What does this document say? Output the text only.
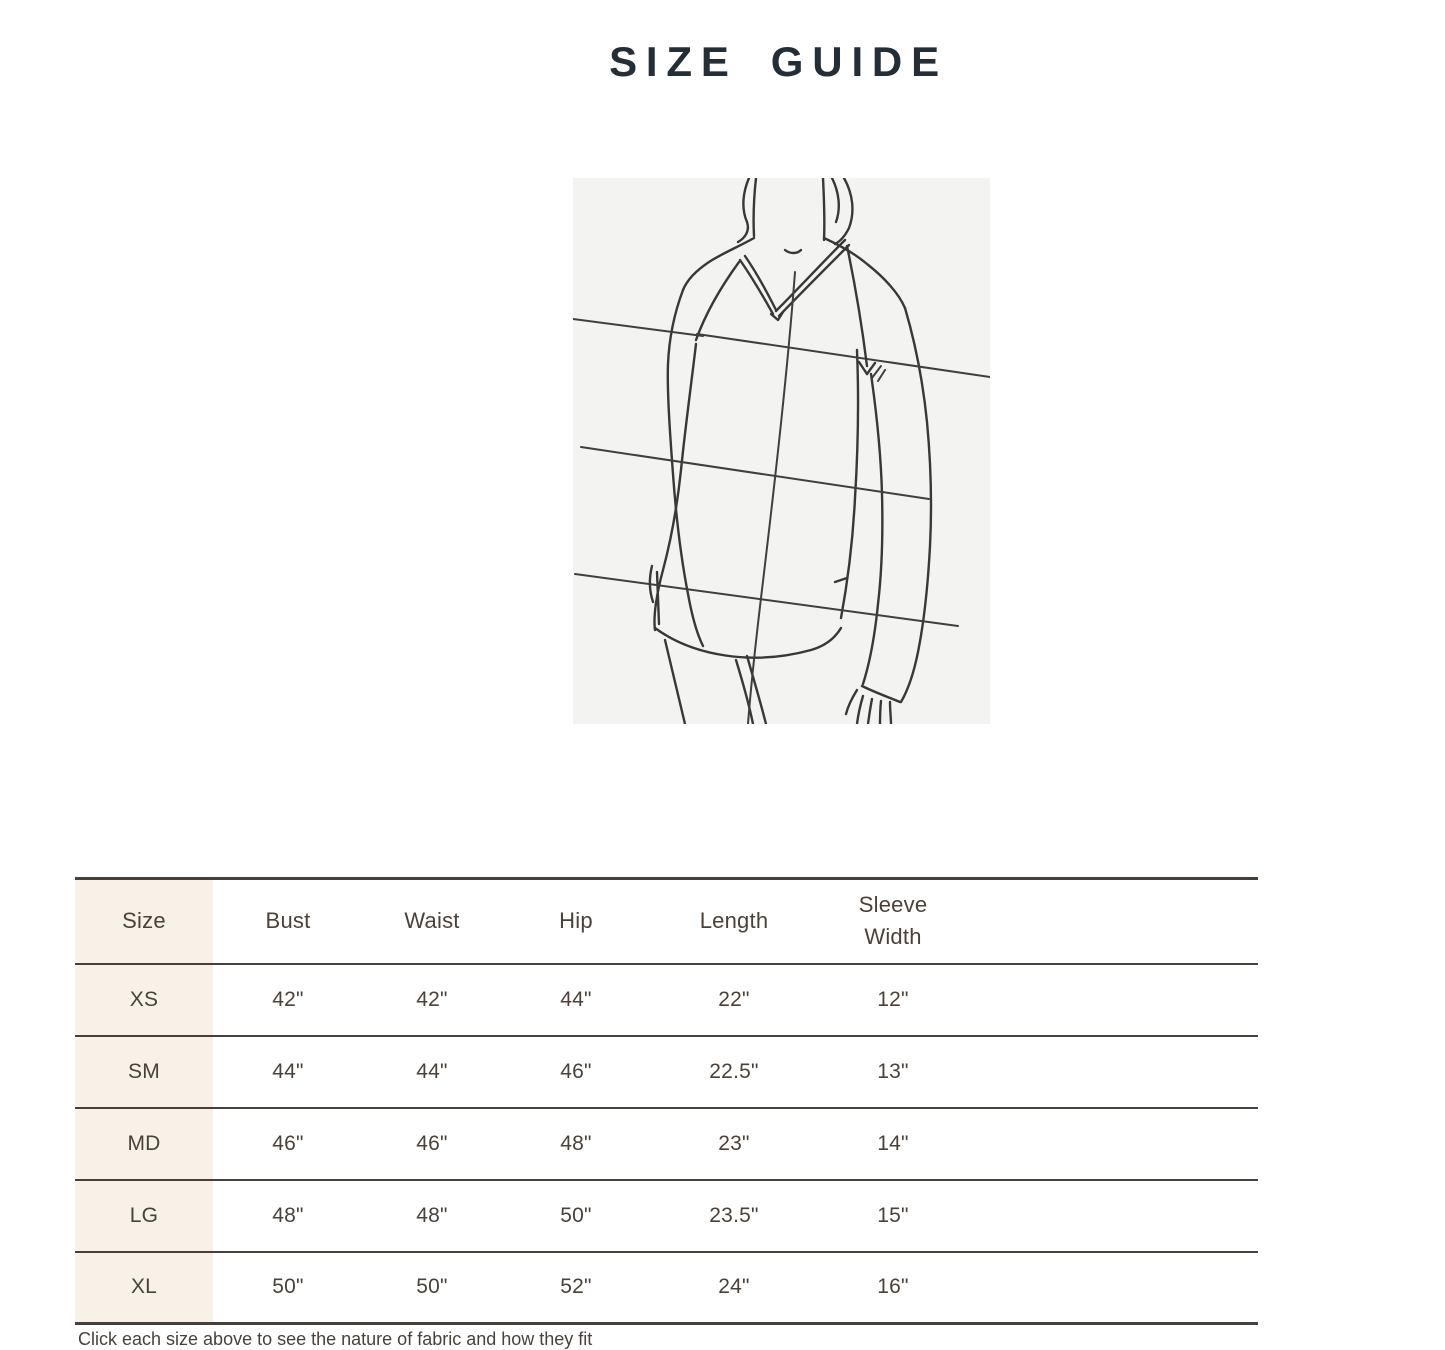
SIZE GUIDE
Size	Bust	Waist	Hip	Length	Sleeve Width	
XS	42"	42"	44"	22"	12"	
SM	44"	44"	46"	22.5"	13"	
MD	46"	46"	48"	23"	14"	
LG	48"	48"	50"	23.5"	15"	
XL	50"	50"	52"	24"	16"	
Click each size above to see the nature of fabric and how they fit
